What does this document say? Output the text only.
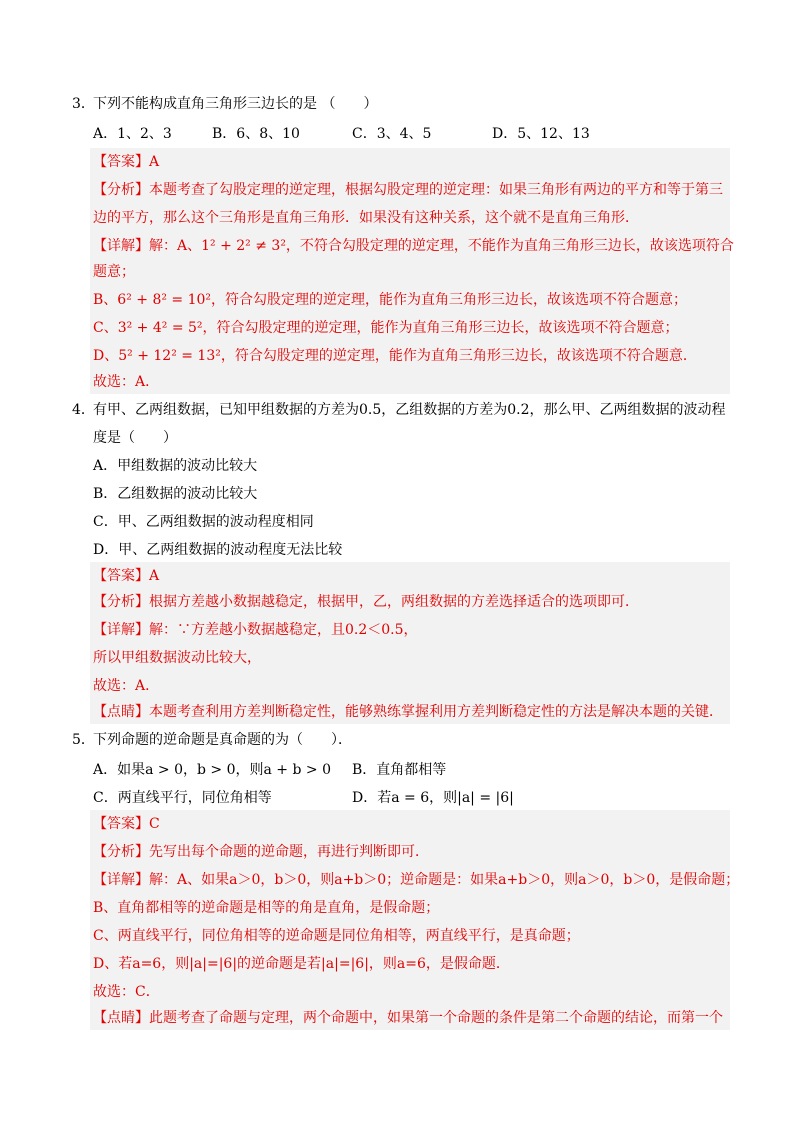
3．
下列不能构成直角三角形三边长的是 （　　）
A．1、2、3	B．6、8、10	C．3、4、5	D．5、12、13
【答案】A
【分析】本题考查了勾股定理的逆定理，根据勾股定理的逆定理：如果三角形有两边的平方和等于第三
边的平方，那么这个三角形是直角三角形．如果没有这种关系，这个就不是直角三角形．
【详解】解：A、1² + 2² ≠ 3²，不符合勾股定理的逆定理，不能作为直角三角形三边长，故该选项符合
题意；
B、6² + 8² = 10²，符合勾股定理的逆定理，能作为直角三角形三边长，故该选项不符合题意；
C、3² + 4² = 5²，符合勾股定理的逆定理，能作为直角三角形三边长，故该选项不符合题意；
D、5² + 12² = 13²，符合勾股定理的逆定理，能作为直角三角形三边长，故该选项不符合题意．
故选：A．
4．
有甲、乙两组数据，已知甲组数据的方差为0.5，乙组数据的方差为0.2，那么甲、乙两组数据的波动程
度是（　　）
A．甲组数据的波动比较大
B．乙组数据的波动比较大
C．甲、乙两组数据的波动程度相同
D．甲、乙两组数据的波动程度无法比较
【答案】A
【分析】根据方差越小数据越稳定，根据甲，乙，两组数据的方差选择适合的选项即可．
【详解】解：∵方差越小数据越稳定，且0.2＜0.5，
所以甲组数据波动比较大，
故选：A．
【点睛】本题考查利用方差判断稳定性，能够熟练掌握利用方差判断稳定性的方法是解决本题的关键．
5．
下列命题的逆命题是真命题的为（　　）．
A．如果a > 0，b > 0，则a + b > 0 B．直角都相等
C．两直线平行，同位角相等	D．若a = 6，则|a| = |6|
【答案】C
【分析】先写出每个命题的逆命题，再进行判断即可．
【详解】解：A、如果a＞0，b＞0，则a+b＞0；逆命题是：如果a+b＞0，则a＞0，b＞0，是假命题；
B、直角都相等的逆命题是相等的角是直角，是假命题；
C、两直线平行，同位角相等的逆命题是同位角相等，两直线平行，是真命题；
D、若a=6，则|a|=|6|的逆命题是若|a|=|6|，则a=6，是假命题．
故选：C．
【点睛】此题考查了命题与定理，两个命题中，如果第一个命题的条件是第二个命题的结论，而第一个
